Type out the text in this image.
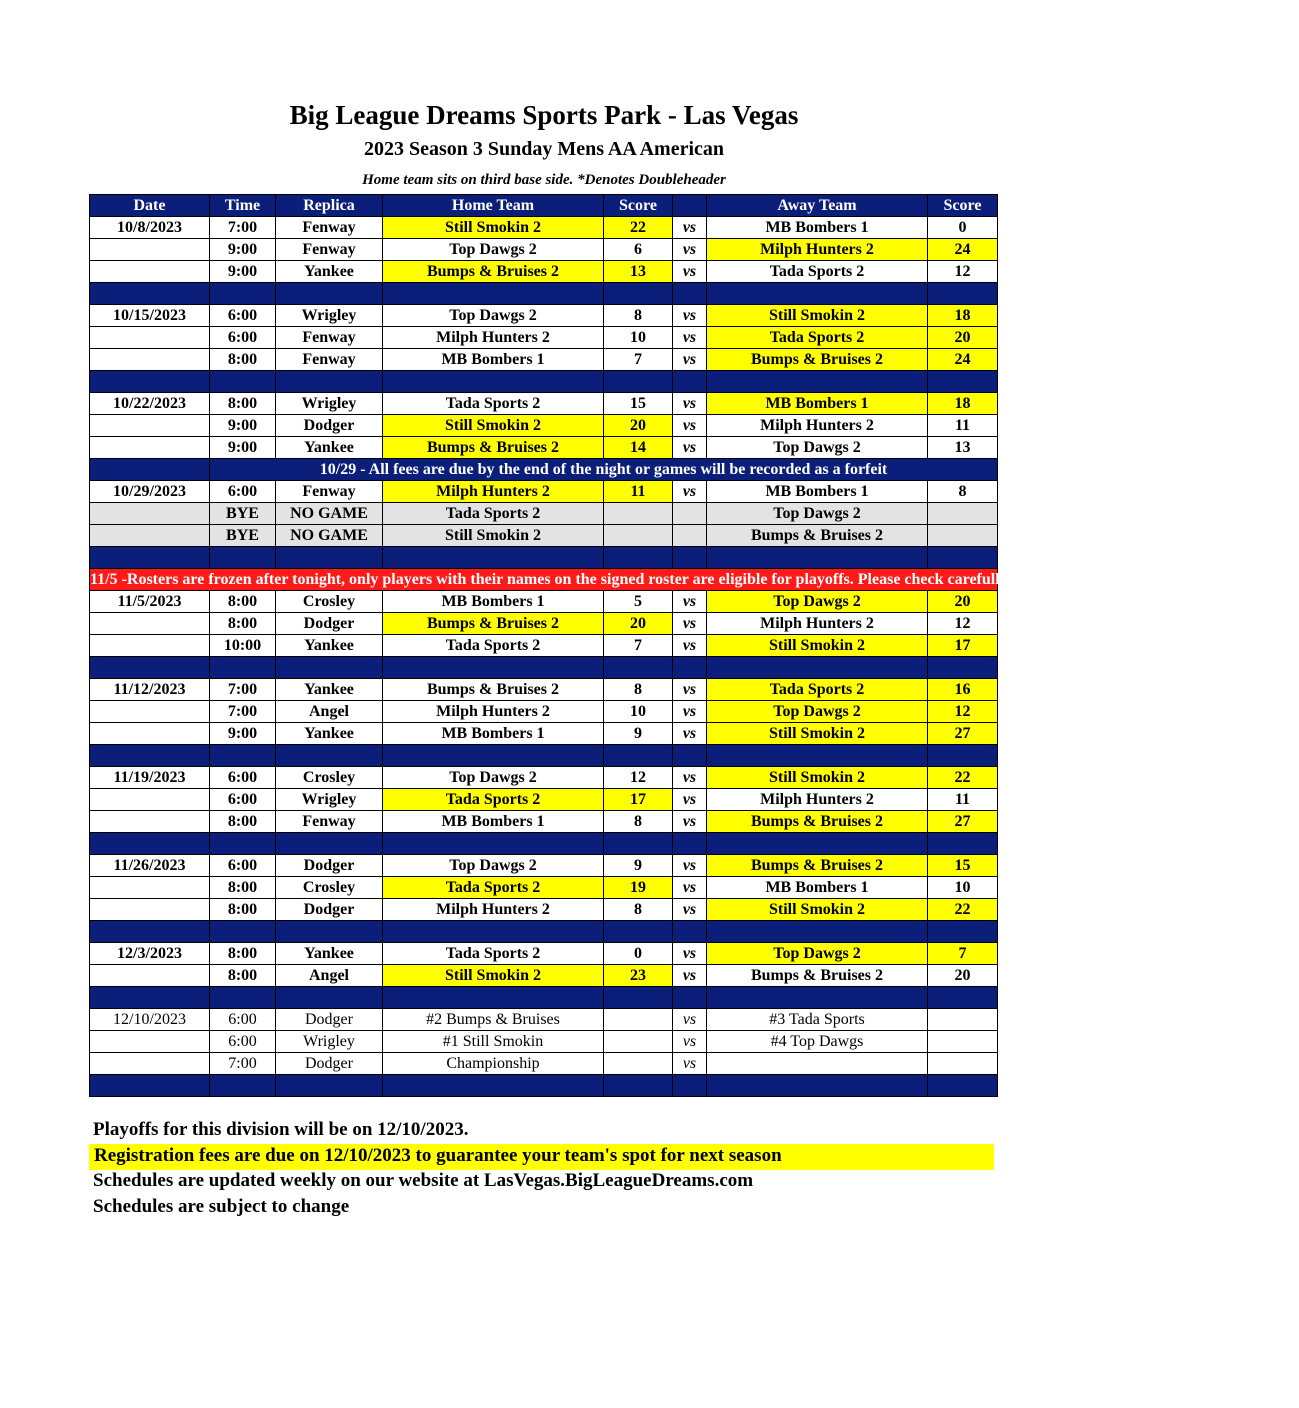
Big League Dreams Sports Park - Las Vegas
2023 Season 3 Sunday Mens AA American
Home team sits on third base side. *Denotes Doubleheader
Date	Time	Replica	Home Team	Score		Away Team	Score
10/8/2023	7:00	Fenway	Still Smokin 2	22	vs	MB Bombers 1	0
	9:00	Fenway	Top Dawgs 2	6	vs	Milph Hunters 2	24
	9:00	Yankee	Bumps & Bruises 2	13	vs	Tada Sports 2	12

10/15/2023	6:00	Wrigley	Top Dawgs 2	8	vs	Still Smokin 2	18
	6:00	Fenway	Milph Hunters 2	10	vs	Tada Sports 2	20
	8:00	Fenway	MB Bombers 1	7	vs	Bumps & Bruises 2	24

10/22/2023	8:00	Wrigley	Tada Sports 2	15	vs	MB Bombers 1	18
	9:00	Dodger	Still Smokin 2	20	vs	Milph Hunters 2	11
	9:00	Yankee	Bumps & Bruises 2	14	vs	Top Dawgs 2	13
	10/29 - All fees are due by the end of the night or games will be recorded as a forfeit						
10/29/2023	6:00	Fenway	Milph Hunters 2	11	vs	MB Bombers 1	8
	BYE	NO GAME	Tada Sports 2			Top Dawgs 2	
	BYE	NO GAME	Still Smokin 2			Bumps & Bruises 2	

11/5 -Rosters are frozen after tonight, only players with their names on the signed roster are eligible for playoffs. Please check carefully as changes will not be made for omissions.							
11/5/2023	8:00	Crosley	MB Bombers 1	5	vs	Top Dawgs 2	20
	8:00	Dodger	Bumps & Bruises 2	20	vs	Milph Hunters 2	12
	10:00	Yankee	Tada Sports 2	7	vs	Still Smokin 2	17

11/12/2023	7:00	Yankee	Bumps & Bruises 2	8	vs	Tada Sports 2	16
	7:00	Angel	Milph Hunters 2	10	vs	Top Dawgs 2	12
	9:00	Yankee	MB Bombers 1	9	vs	Still Smokin 2	27

11/19/2023	6:00	Crosley	Top Dawgs 2	12	vs	Still Smokin 2	22
	6:00	Wrigley	Tada Sports 2	17	vs	Milph Hunters 2	11
	8:00	Fenway	MB Bombers 1	8	vs	Bumps & Bruises 2	27

11/26/2023	6:00	Dodger	Top Dawgs 2	9	vs	Bumps & Bruises 2	15
	8:00	Crosley	Tada Sports 2	19	vs	MB Bombers 1	10
	8:00	Dodger	Milph Hunters 2	8	vs	Still Smokin 2	22

12/3/2023	8:00	Yankee	Tada Sports 2	0	vs	Top Dawgs 2	7
	8:00	Angel	Still Smokin 2	23	vs	Bumps & Bruises 2	20

12/10/2023	6:00	Dodger	#2 Bumps & Bruises		vs	#3 Tada Sports	
	6:00	Wrigley	#1 Still Smokin		vs	#4 Top Dawgs	
	7:00	Dodger	Championship		vs		

Playoffs for this division will be on 12/10/2023.
Registration fees are due on 12/10/2023 to guarantee your team's spot for next season
Schedules are updated weekly on our website at LasVegas.BigLeagueDreams.com
Schedules are subject to change
